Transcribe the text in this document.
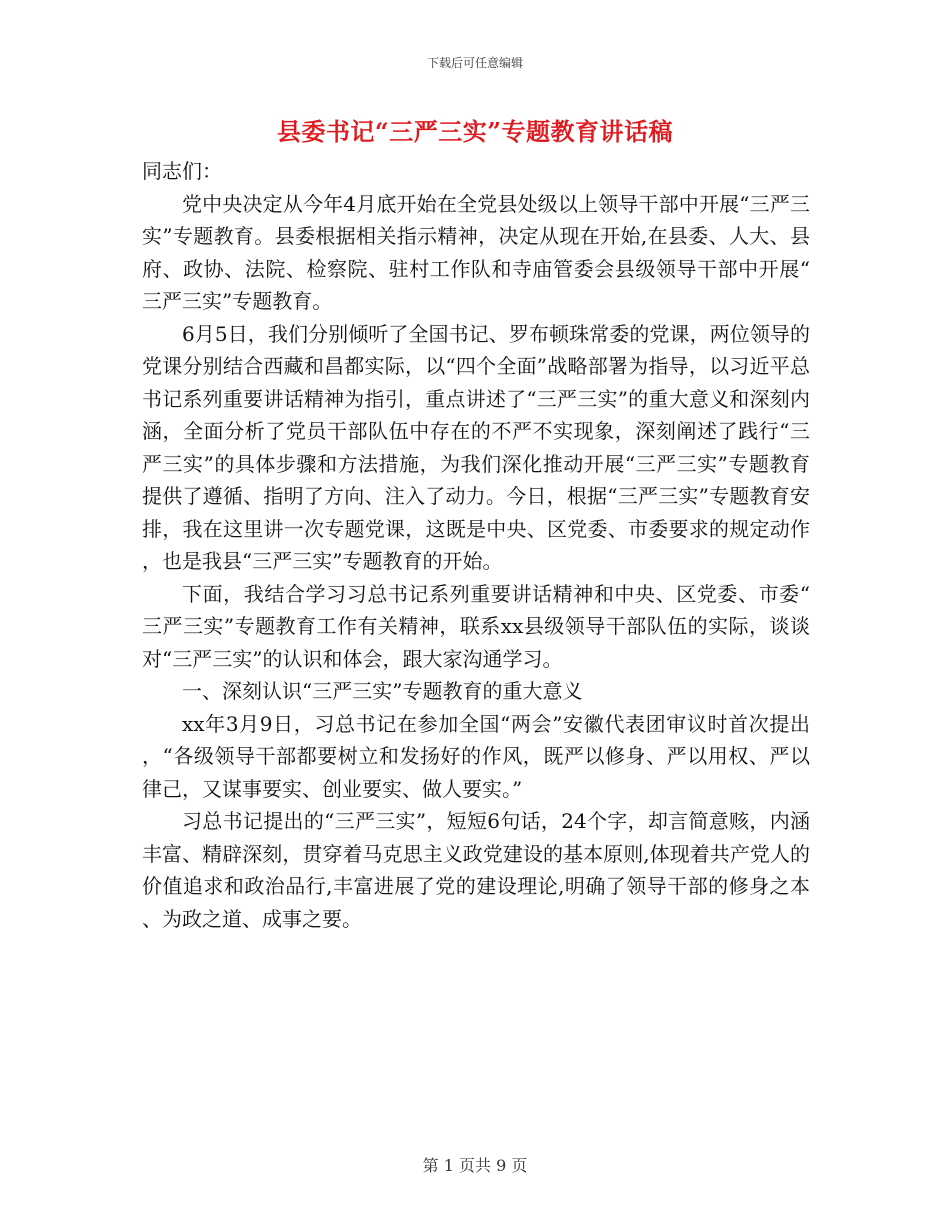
下载后可任意编辑
县委书记“三严三实”专题教育讲话稿

同志们：

党中央决定从今年4月底开始在全党县处级以上领导干部中开展“三严三实”专题教育。县委根据相关指示精神，决定从现在开始,在县委、人大、县府、政协、法院、检察院、驻村工作队和寺庙管委会县级领导干部中开展“三严三实”专题教育。

6月5日，我们分别倾听了全国书记、罗布顿珠常委的党课，两位领导的党课分别结合西藏和昌都实际，以“四个全面”战略部署为指导，以习近平总书记系列重要讲话精神为指引，重点讲述了“三严三实”的重大意义和深刻内涵，全面分析了党员干部队伍中存在的不严不实现象，深刻阐述了践行“三严三实”的具体步骤和方法措施，为我们深化推动开展“三严三实”专题教育提供了遵循、指明了方向、注入了动力。今日，根据“三严三实”专题教育安排，我在这里讲一次专题党课，这既是中央、区党委、市委要求的规定动作，也是我县“三严三实”专题教育的开始。

下面，我结合学习习总书记系列重要讲话精神和中央、区党委、市委“三严三实”专题教育工作有关精神，联系xx县级领导干部队伍的实际，谈谈对“三严三实”的认识和体会，跟大家沟通学习。

一、深刻认识“三严三实”专题教育的重大意义

xx年3月9日，习总书记在参加全国“两会”安徽代表团审议时首次提出，“各级领导干部都要树立和发扬好的作风，既严以修身、严以用权、严以律己，又谋事要实、创业要实、做人要实。”

习总书记提出的“三严三实”，短短6句话，24个字，却言简意赅，内涵丰富、精辟深刻，贯穿着马克思主义政党建设的基本原则,体现着共产党人的价值追求和政治品行,丰富进展了党的建设理论,明确了领导干部的修身之本、为政之道、成事之要。

第 1 页共 9 页
